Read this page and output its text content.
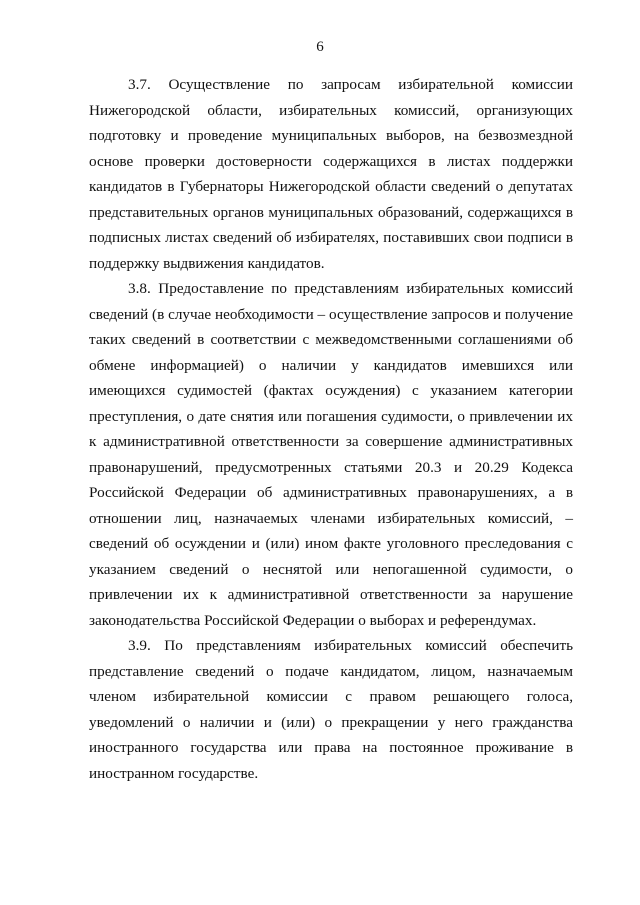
6

3.7. Осуществление по запросам избирательной комиссии Нижегородской области, избирательных комиссий, организующих подготовку и проведение муниципальных выборов, на безвозмездной основе проверки достоверности содержащихся в листах поддержки кандидатов в Губернаторы Нижегородской области сведений о депутатах представительных органов муниципальных образований, содержащихся в подписных листах сведений об избирателях, поставивших свои подписи в поддержку выдвижения кандидатов.

3.8. Предоставление по представлениям избирательных комиссий сведений (в случае необходимости – осуществление запросов и получение таких сведений в соответствии с межведомственными соглашениями об обмене информацией) о наличии у кандидатов имевшихся или имеющихся судимостей (фактах осуждения) с указанием категории преступления, о дате снятия или погашения судимости, о привлечении их к административной ответственности за совершение административных правонарушений, предусмотренных статьями 20.3 и 20.29 Кодекса Российской Федерации об административных правонарушениях, а в отношении лиц, назначаемых членами избирательных комиссий, – сведений об осуждении и (или) ином факте уголовного преследования с указанием сведений о неснятой или непогашенной судимости, о привлечении их к административной ответственности за нарушение законодательства Российской Федерации о выборах и референдумах.

3.9. По представлениям избирательных комиссий обеспечить представление сведений о подаче кандидатом, лицом, назначаемым членом избирательной комиссии с правом решающего голоса, уведомлений о наличии и (или) о прекращении у него гражданства иностранного государства или права на постоянное проживание в иностранном государстве.
